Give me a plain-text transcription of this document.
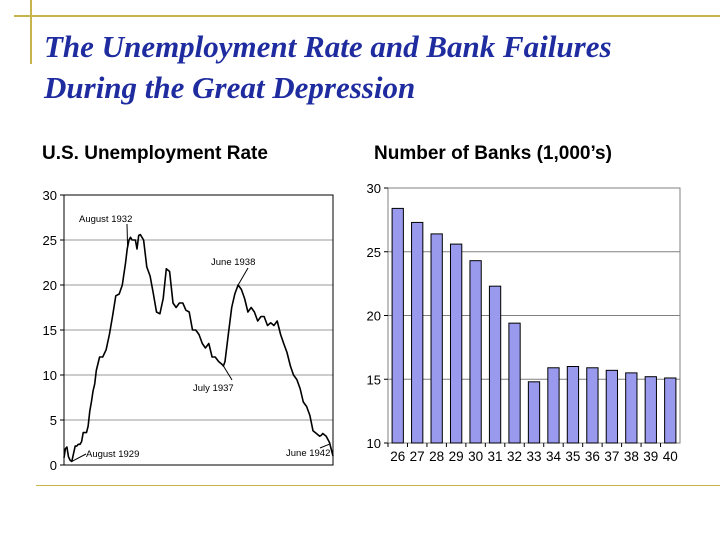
The Unemployment Rate and Bank Failures During the Great Depression
U.S. Unemployment Rate	Number of Banks (1,000’s)
0
5
10
15
20
25
30
August 1932
June 1938
July 1937
August 1929	June 1942
10
15
20
25
30
26 27 28 29 30 31 32 33 34 35 36 37 38 39 40
